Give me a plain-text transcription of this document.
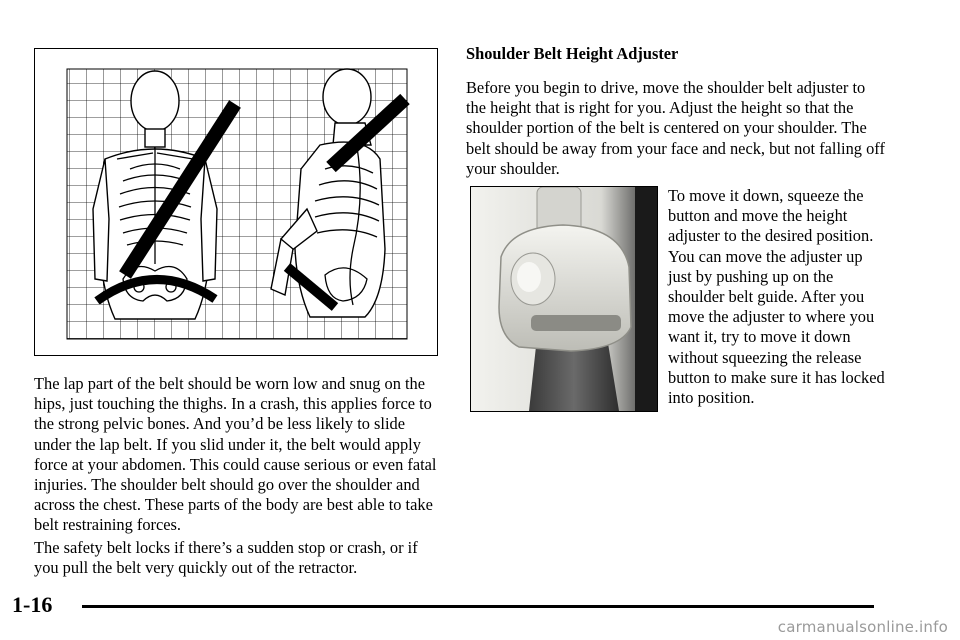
The lap part of the belt should be worn low and snug on the hips, just touching the thighs. In a crash, this applies force to the strong pelvic bones. And you’d be less likely to slide under the lap belt. If you slid under it, the belt would apply force at your abdomen. This could cause serious or even fatal injuries. The shoulder belt should go over the shoulder and across the chest. These parts of the body are best able to take belt restraining forces.

The safety belt locks if there’s a sudden stop or crash, or if you pull the belt very quickly out of the retractor.

Shoulder Belt Height Adjuster

Before you begin to drive, move the shoulder belt adjuster to the height that is right for you. Adjust the height so that the shoulder portion of the belt is centered on your shoulder. The belt should be away from your face and neck, but not falling off your shoulder.

To move it down, squeeze the button and move the height adjuster to the desired position. You can move the adjuster up just by pushing up on the shoulder belt guide. After you move the adjuster to where you want it, try to move it down without squeezing the release button to make sure it has locked into position.

1-16
carmanualsonline.info
